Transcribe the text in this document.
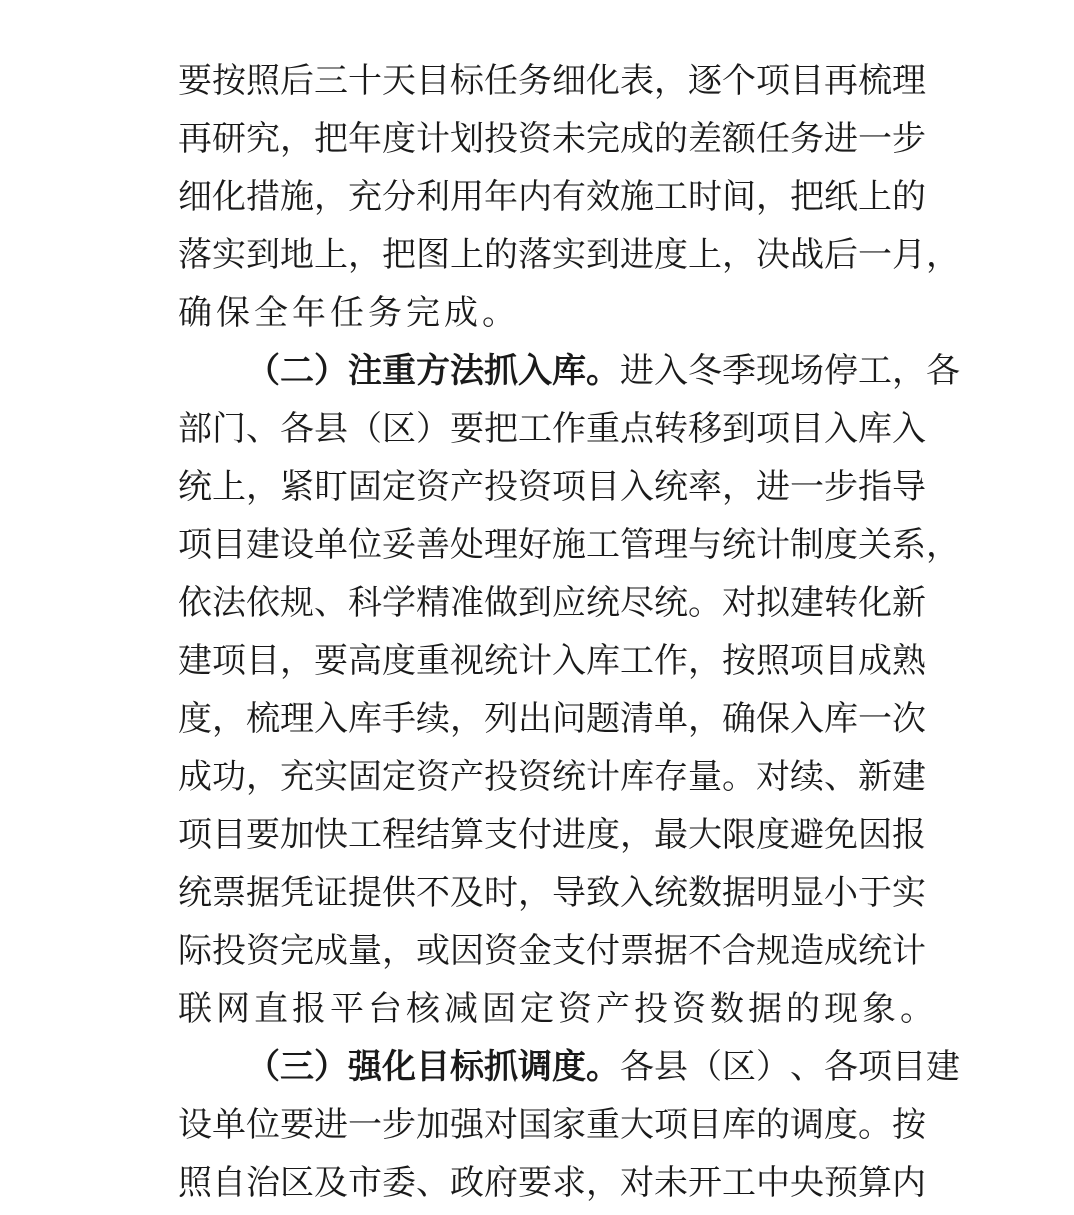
要 按 照 后 三 十 天 目 标 任 务 细 化 表 ， 逐 个 项 目 再 梳 理
再 研 究 ， 把 年 度 计 划 投 资 未 完 成 的 差 额 任 务 进 一 步
细 化 措 施 ， 充 分 利 用 年 内 有 效 施 工 时 间 ， 把 纸 上 的
落 实 到 地 上 ， 把 图 上 的 落 实 到 进 度 上 ， 决 战 后 一 月 ，
确 保 全 年 任 务 完 成 。
（ 二 ） 注 重 方 法 抓 入 库 。 进 入 冬 季 现 场 停 工 ， 各
部 门 、 各 县 （ 区 ） 要 把 工 作 重 点 转 移 到 项 目 入 库 入
统 上 ， 紧 盯 固 定 资 产 投 资 项 目 入 统 率 ， 进 一 步 指 导
项 目 建 设 单 位 妥 善 处 理 好 施 工 管 理 与 统 计 制 度 关 系 ，
依 法 依 规 、 科 学 精 准 做 到 应 统 尽 统 。 对 拟 建 转 化 新
建 项 目 ， 要 高 度 重 视 统 计 入 库 工 作 ， 按 照 项 目 成 熟
度 ， 梳 理 入 库 手 续 ， 列 出 问 题 清 单 ， 确 保 入 库 一 次
成 功 ， 充 实 固 定 资 产 投 资 统 计 库 存 量 。 对 续 、 新 建
项 目 要 加 快 工 程 结 算 支 付 进 度 ， 最 大 限 度 避 免 因 报
统 票 据 凭 证 提 供 不 及 时 ， 导 致 入 统 数 据 明 显 小 于 实
际 投 资 完 成 量 ， 或 因 资 金 支 付 票 据 不 合 规 造 成 统 计
联 网 直 报 平 台 核 减 固 定 资 产 投 资 数 据 的 现 象 。
（ 三 ） 强 化 目 标 抓 调 度 。 各 县 （ 区 ） 、 各 项 目 建
设 单 位 要 进 一 步 加 强 对 国 家 重 大 项 目 库 的 调 度 。 按
照 自 治 区 及 市 委 、 政 府 要 求 ， 对 未 开 工 中 央 预 算 内
